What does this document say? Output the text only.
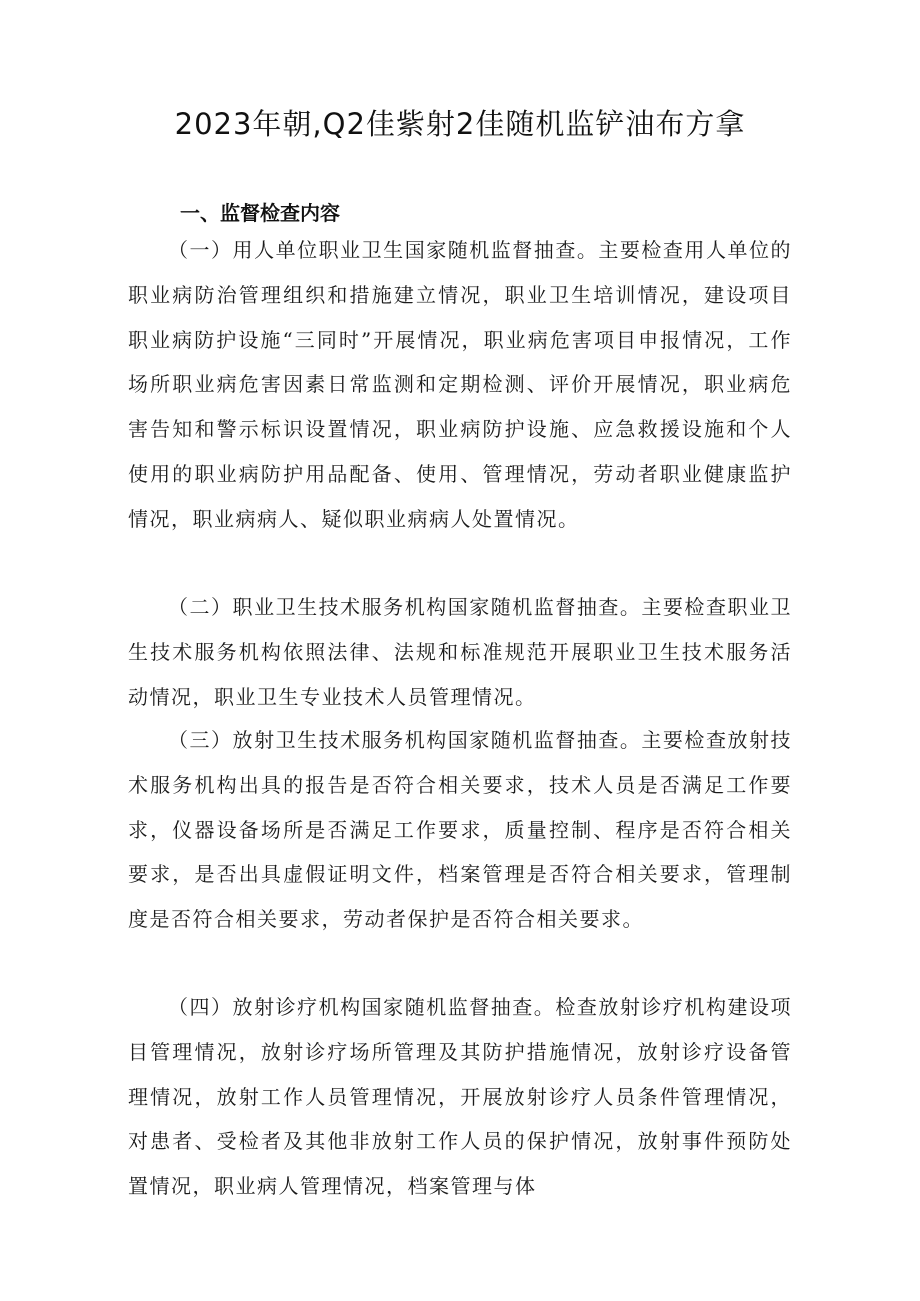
2023年朝,Q2佳紫射2佳随机监铲油布方拿
一、监督检查内容

（一）用人单位职业卫生国家随机监督抽查。主要检查用人单位的职业病防治管理组织和措施建立情况，职业卫生培训情况，建设项目职业病防护设施“三同时”开展情况，职业病危害项目申报情况，工作场所职业病危害因素日常监测和定期检测、评价开展情况，职业病危害告知和警示标识设置情况，职业病防护设施、应急救援设施和个人使用的职业病防护用品配备、使用、管理情况，劳动者职业健康监护情况，职业病病人、疑似职业病病人处置情况。

（二）职业卫生技术服务机构国家随机监督抽查。主要检查职业卫生技术服务机构依照法律、法规和标准规范开展职业卫生技术服务活动情况，职业卫生专业技术人员管理情况。

（三）放射卫生技术服务机构国家随机监督抽查。主要检查放射技术服务机构出具的报告是否符合相关要求，技术人员是否满足工作要求，仪器设备场所是否满足工作要求，质量控制、程序是否符合相关要求，是否出具虚假证明文件，档案管理是否符合相关要求，管理制度是否符合相关要求，劳动者保护是否符合相关要求。

（四）放射诊疗机构国家随机监督抽查。检查放射诊疗机构建设项目管理情况，放射诊疗场所管理及其防护措施情况，放射诊疗设备管理情况，放射工作人员管理情况，开展放射诊疗人员条件管理情况，对患者、受检者及其他非放射工作人员的保护情况，放射事件预防处置情况，职业病人管理情况，档案管理与体
